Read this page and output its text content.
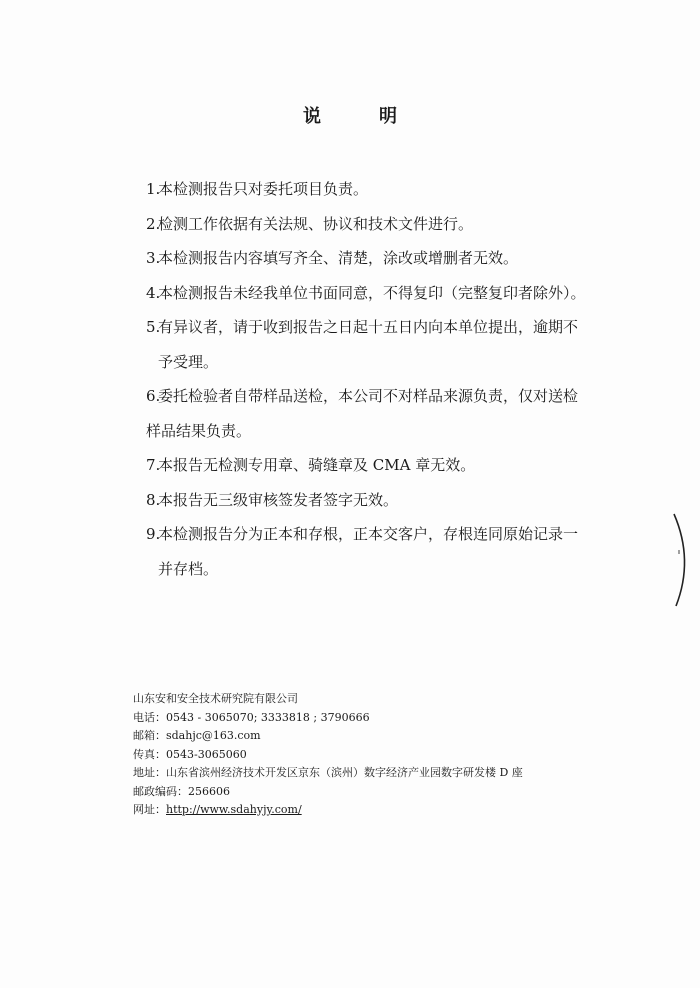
说	明
1.本检测报告只对委托项目负责。
2.检测工作依据有关法规、协议和技术文件进行。
3.本检测报告内容填写齐全、清楚，涂改或增删者无效。
4.本检测报告未经我单位书面同意，不得复印（完整复印者除外）。
5.有异议者，请于收到报告之日起十五日内向本单位提出，逾期不
予受理。
6.委托检验者自带样品送检，本公司不对样品来源负责，仅对送检
样品结果负责。
7.本报告无检测专用章、骑缝章及 CMA 章无效。
8.本报告无三级审核签发者签字无效。
9.本检测报告分为正本和存根，正本交客户，存根连同原始记录一
并存档。
山东安和安全技术研究院有限公司
电话：0543 - 3065070; 3333818 ; 3790666
邮箱：sdahjc@163.com
传真：0543-3065060
地址：山东省滨州经济技术开发区京东（滨州）数字经济产业园数字研发楼 D 座
邮政编码：256606
网址：http://www.sdahyjy.com/
